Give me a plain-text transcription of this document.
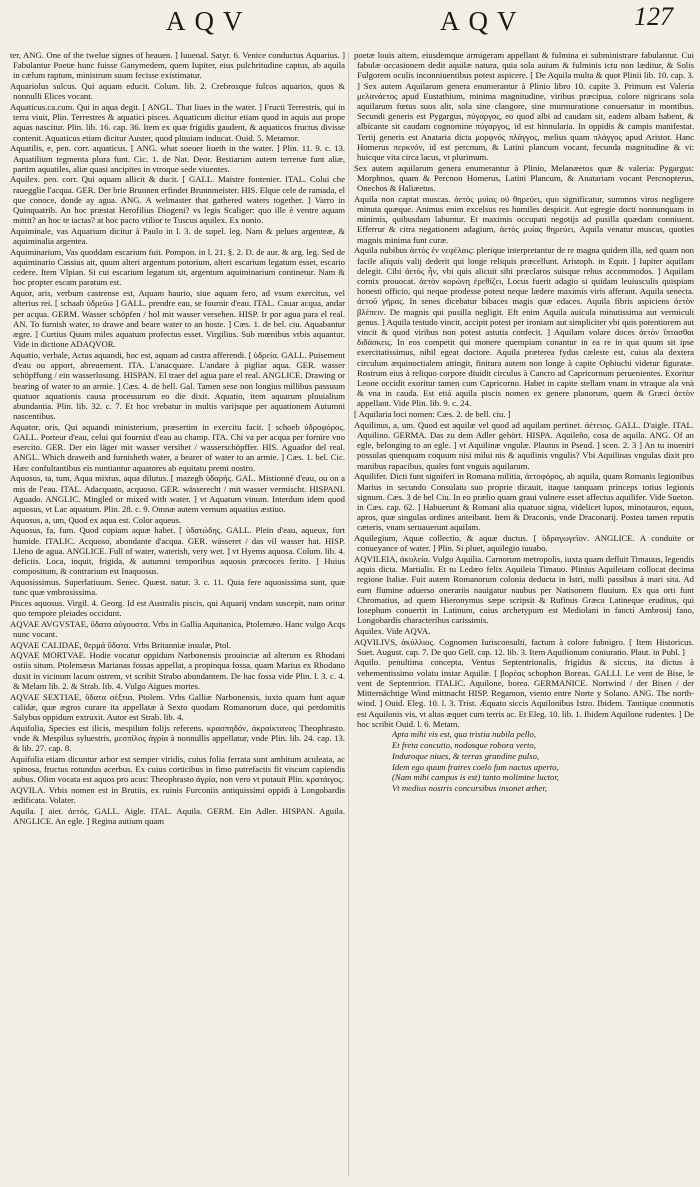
AQV	AQV	127

ter, ANG. One of the twelue signes of heauen. ] Iuuenal. Satyr. 6. Venice conductus Aquarius. ] Fabulantur Poetæ hunc fuisse Ganymedem, quem Iupiter, eius pulchritudine captus, ab aquila in cælum raptum, ministrum suum fecisse existimatur.

Aquariolus sulcus. Qui aquam educit. Colum. lib. 2. Crebrosque fulcos aquarios, quos & nonnulli Elices vocant.

Aquaticus.ca.cum. Qui in aqua degit. [ ANGL. That liues in the water. ] Fructi Terrestris, qui in terra viuit, Plin. Terrestres & aquatici pisces. Aquaticum dicitur etiam quod in aquis aut prope aquas nascitur. Plin. lib. 16. cap. 36. Item ex quæ frigidis gaudent, & aquaticos fructus divisse contenit. Aquaticus etiam dicitur Auster, quod pluuiam inducat. Ouid. 5. Metamor.

Aquatilis, e, pen. corr. aquaticus. [ ANG. what soeuer liueth in the water. ] Plin. 11. 9. c. 13. Aquatilium tegmenta plura funt. Cic. 1. de Nat. Deor. Bestiarum autem terrenæ funt aliæ, partim aquatiles, aliæ quasi ancipites in vtroque sede viuentes.

Aquilex. pen. corr. Qui aquam allicit & ducit. [ GALL. Maistre fontenier. ITAL. Colui che rauegglie l'acqua. GER. Der brie Brunnen erfindet Brunnmeister. HIS. Elque cele de ramada, el que conoce, donde ay agua. ANG. A welmaster that gathered waters together. ] Varro in Quinquatrib. An hoc præstat Herofilius Diogeni? vs legis Scaliger: quo ille è ventre aquam mittit? an hoc te iactas? at hoc pacto vtilior te Tuscus aquilex. Ex nonio.

Aquiminale, vas Aquarium dicitur à Paulo in l. 3. de supel. leg. Nam & pelues argenteæ, & aquiminalia argentea.

Aquiminarium, Vas quoddam escarium fuit. Pompon. in l. 21. §. 2. D. de aur. & arg. leg. Sed de aquiminario Cassius ait, quum alteri argentum potorium, alteri escarium legatum esset, escario cedere. Item Vlpian. Si cui escarium legatum sit, argentum aquiminarium continetur. Nam & hoc propter escam paratum est.

Aquor, aris, verbum castrense est, Aquam haurio, siue aquam fero, ad vsum exercitus, vel alterius rei. [ schaab ὑδρεύω ] GALL. prendre eau, se fournir d'eau. ITAL. Cauar acqua, andar per acqua. GERM. Wasser schöpfen / hol mit wasser versehen. HISP. Ir por agua para el real. AN. To furnish water, to drawe and beare water to an hoste. ] Cæs. 1. de bel. ciu. Aquabantur ægre. ] Curtius Quum miles aquatum profectus esset. Virgilius. Sub mœnibus vrbis aquantur. Vide in dictione ADAQVOR.

Aquatio, verbale, Actus aquandi, hoc est, aquam ad castra afferendi. [ ὑδρεία. GALL. Puisement d'eau ou apport, abreuement. ITA. L'anacquare. L'andare à pigliar aqua. GER. wasser schöpffung / ein wasserlosung. HISPAN. El traer del agua pare el real. ANGLICE. Drawing or bearing of water to an armie. ] Cæs. 4. de bell. Gal. Tamen sese non longius millibus passuum quatuor aquationis causa processurum eo die dixit. Aquatio, item aquarum pluuialium abundantia. Plin. lib. 32. c. 7. Et hoc vrebatur in multis varijsque per aquationem Autumni nascentibus.

Aquator, oris, Qui aquandi ministerium, præsertim in exercitu facit. [ schoeb ὑδροφόρος. GALL. Porteur d'eau, celui qui fournist d'eau au champ. ITA. Chi va per acqua per fornire vno esercito. GER. Der ein läger mit wasser versihet / wasserschöpffer. HIS. Aguador del real. ANGL. Which draweth and furnisheth water, a bearer of water to an armie. ] Cæs. 1. bel. Cic. Hæc confultantibus eis nuntiantur aquatores ab equitatu premi nostro.

Aquosus, ta, tum, Aqua mixtus, aqua dilutus. [ mazegh ὑδαρής. GAL. Mistionné d'eau, ou on a mis de l'eau. ITAL. Adacquato, acquoso. GER. wässerecht / mit wasser vermischt. HISPANI. Aguado. ANGLIC. Mingled or mixed with water. ] vt Aquatum vinum. Interdum idem quod aquosus, vt Lac aquatum. Plin. 28. c. 9. Omnæ autem vernum aquatius æstiuo.

Aquosus, a, um, Quod ex aqua est. Color aqueus.

Aquosus, fa, fum. Quod copiam aquæ habet. [ ὑδατώδης. GALL. Plein d'eau, aqueux, fort humide. ITALIC. Acquoso, abondante d'acqua. GER. wässeret / das vil wasser hat. HISP. Lleno de agua. ANGLICE. Full of water, waterish, very wet. ] vt Hyems aquosa. Colum. lib. 4. deficiis. Loca, inquit, frigida, & autumni temporibus aquosis præcoces ferito. ] Huius compositum, & contrarium est Inaquosus.

Aquosissimus. Superlatiuum. Senec. Quæst. natur. 3. c. 11. Quia fere aquosissima sunt, quæ tunc quæ vmbrosissima.

Pisces aquosus. Virgil. 4. Georg. Id est Australis piscis, qui Aquarij vndam suscepit, nam oritur quo tempore pleiades occidunt.

AQVAE AVGVSTAE, ὕδατα αὐγουστα. Vrbs in Gallia Aquitanica, Ptolemæo. Hanc vulgo Acqs nunc vocant.

AQVAE CALIDAE, θερμά ὕδατα. Vrbs Britanniæ insulæ, Ptol.

AQVAE MORTVAE. Hodie vocatur oppidum Narbonensis prouinciæ ad alterum ex Rhodani ostiis situm. Ptolemæus Marianas fossas appellat, a propinqua fossa, quam Marius ex Rhodano duxit in vicinum lacum ostrem, vt scribit Strabo abundantem. De hac fossa vide Plin. l. 3. c. 4. & Melam lib. 2. & Strab. lib. 4. Vulgo Aigues mortes.

AQVAE SEXTIAE, ὕδατα σέξτια. Ptolem. Vrbs Galliæ Narbonensis, iuxta quam funt aquæ calidæ, quæ ægros curare ita appellatæ à Sexto quodam Romanorum duce, qui perdomitis Salybus oppidum extruxit. Autor est Strab. lib. 4.

Aquifolia, Species est ilicis, mespilum folijs referens. κρασπηδόν, ἀκραίκτανος Theophrasto. vnde & Mespilus syluestris, μεσπίλος ἀγρία à nonnullis appellatur, vnde Plin. lib. 24. cap. 13. & lib. 27. cap. 8.

Aquifolia etiam dicuntur arbor est semper viridis, cuius folia ferrata sunt ambitum aculeata, ac spinosa, fructus rotundus acerbus. Ex cuius corticibus in fimo putrefactis fit viscum capiendis aubus. Olim vocata est aquos pro acus: Theophrasto ἀγρία, non vero vt putauit Plin. κρατάιγος.

AQVILA. Vrbis nomen est in Brutiis, ex ruinis Furconiis antiquissimi oppidi à Longobardis ædificata. Volater.

Aquila. [ aiet. ἀετός. GALL. Aigle. ITAL. Aquila. GERM. Ein Adler. HISPAN. Aguila. ANGLICE. An egle. ] Regina autium quam

poetæ louis aitem, eiusdemque armigeram appellant & fulmina ei subministrare fabulantur. Cui fabulæ occasionem dedit aquilæ natura, quia sola auium & fulminis ictu non læditur, & Solis Fulgorem oculis inconniuentibus potest aspicere. [ De Aquila multa & quot Plinii lib. 10. cap. 3. ] Sex autem Aquilarum genera enumerantur à Plinio libro 10. capite 3. Primum est Valeria μελανάετος apud Eustathium, minima magnitudine, viribus præcipua, colore nigricans sola aquilarum fœtus suos alit, sola sine clangore, sine murmuratione conuersatur in montibus. Secundi generis est Pygargus, πύγαργος, eo quod albi ad caudam sit, eadem albam habent, & albicante sit caudam cognomine πύγαργος, id est hinnularia. In oppidis & campis manifestat. Tertij generis est Anataria dicta μορφνός πλάγγος, melius quam πλάγγος apud Aristot. Hanc Homerus περκνόν, id est percnum, & Latini plancum vocant, fecunda magnitudine & vi: huicque vita circa lacus, vt plurimum.

Sex autem aquilarum genera enumerantur à Plinio, Melanæetos quæ & valeria: Pygargus: Morphnos, quam & Percnon Homerus, Latini Plancum, & Anatariam vocant Percnopterus, Onechos & Haliæetus.

Aquila non captat muscas. ἀετὸς μυίας οὐ θηρεύει, quo significatur, summos viros negligere minuta quæque. Animus enim excelsus res humiles despicit. Aut egregie docti nonnunquam in minimis, quibusdam labuntur. Et maximis occupati negotijs ad pusilla quædam conniuent. Efferrur & citra negationem adagium, ἀετὸς μυίας θηρεύει, Aquila venatur muscas, quoties magnis minima funt curæ.

Aquila nubibus ἀετὸς ἐν νεφέλαις: plerique interpretantur de re magna quidem illa, sed quam non facile aliquis valij dederit qui longe reliquis præcellunt. Aristoph. in Equit. ] Iupiter aquilam delegit. Cibi ἀετὸς ἦν, vbi quis alicuit sibi præclaros suisque rebus accommodos. ] Aquilam cornix prouocat. ἀετὸν κορώνη ἐρεθίζει, Locus fuerit adagio si quidam leuiusculis quispiam honesti officio, qui neque prodesse potest neque lædere maximis viris afferant. Aquila senecta. ἀετοῦ γῆρας. In senes dicebatur bibaces magis quæ edaces. Aquila fibris aspiciens ἀετὸν βλέπειν. De magnis qui pusilla negligit. Eft enim Aquila auicula minutissima aut vermiculi genus. ] Aquila testudo vincit, accipit potest per ironiam aut simpliciter vbi quis potentiorem aut vincit & quod viribus non potest astutia confecit. ] Aquilam volare doces ἀετὸν ἵπτασθαι διδάσκεις. In eos competit qui monere quempiam conantur in ea re in qua quum sit ipse exercitatissimus, nihil egeat doctore. Aquila præterea fydus cæleste est, cuius ala dextera circulum æquinoctialem attingit, finitura autem non longe à capite Ophiuchi videtur figuratæ. Rostrum eius à reliquo corpore diuidit circulus à Cancro ad Capricornum peruenientes. Exoritur Leone occidit exoritur tamen cum Capricorno. Habet in capite stellam vnam in vtraque ala vnà & vna in cauda. Est etiá aquila piscis nomen ex genere planorum, quem & Græci ἀετὸν appellant. Vide Plin. lib. 9. c. 24.

[ Aquilaria loci nomen: Cæs. 2. de bell. ciu. ]

Aquilinus, a, um. Quod est aquilæ vel quod ad aquilam pertinet. ἀέτειος. GALL. D'aigle. ITAL. Aquilino. GERMA. Das zu dem Adler gehört. HISPA. Aquileño, cosa de aquila. ANG. Of an egle, belonging to an egle. ] vt Aquilinæ vngulæ. Plautus in Pseud. ] scen. 2. 3 ] An tu inueniri possulas quenquam coquum nisi milui nis & aquilinis vngulis? Vbi Aquilinas vngulas dixit pro manibus rapacibus, quales funt vnguis aquilarum.

Aquilifer. Dicti funt signiferi in Romana militia, ἀετοφόρος, ab aquila, quam Romanis legionibus Marius in secundo Consulatu suo proprie dicauit, itaque tanquam princeps totius legionis signum. Cæs. 3 de bel Ciu. In eo prælio quam graui vulnere esset affectus aquilifer. Vide Sueton. in Cæs. cap. 62. ] Habuerunt & Romani alia quatuor signa, videlicet lupos, minotauros, equos, apros, quæ singulas ordines anteibant. Item & Draconis, vnde Draconarij. Postea tamen reputis cæteris, vnam seruauerunt aquilam.

Aquilegium, Aquæ collectio, & aquæ ductus. [ ὑδραγωγεῖον. ANGLICE. A conduite or conueyance of water. ] Plin. Si pluet, aquilegio iuuabo.

AQVILEIA, ἀκυλεία. Vulgo Aquilia. Carnorum metropolis, iuxta quam defluit Timauus, legendis aquis dicta. Martialis. Et tu Ledæo felix Aquileia Timauo. Plinius Aquileiam collocat decima regione Italiæ. Fuit autem Romanorum colonia deducta in Istri, nulli passibus à mari sita. Ad eam flumine aduerso onerariis nauigatur naubus per Natisonem fluuium. Ex qua orti funt Chromatius, ad quem Hieronymus sæpe scripsit & Rufinus Græca Latineque eruditus, qui Iosephum conuertit in Latinum, cuius archetypum est Mediolani in fanctí Ambrosij fano, Longobardis characteribus carissimis.

Aquilex. Vide AQVA.

AQVILIVS, ἀκύλλιος. Cognomen Iurisconsulti, factum à colore fubnigro. [ Item Historicus. Suet. August. cap. 7. De quo Gell. cap. 12. lib. 3. Item Aquilionum coniuratio. Plaut. in Publ. ]

Aquilo. penultima concepta, Ventus Septentrionalis, frigidus & siccus, ita dictus à vehementissimo volatu instar Aquilæ. [ βορέας schophon Boreas. GALLI. Le vent de Bise, le vent de Septentrion. ITALIC. Aquilone, borea. GERMANICE. Nortwind / der Bisen / der Mitternächtige Wind mittnacht HISP. Regamon, viento entre Norte y Solano. ANG. The north-wind. ] Ouid. Eleg. 10. l. 3. Trist. Æquato siccis Aquilonibus Istro. Ibidem. Tantique commotis est Aquilonis vis, vt altas æquet cum terris ac. Et Eleg. 10. lib. 1. Ibidem Aquilone rudentes. ] De hoc scribit Ouid. l. 6. Metam.

Apta mihi vis est, qua tristia nubila pello,

Et freta concutio, nodosque robora verto,

Induroque niues, & terras grandine pulso,

Idem ego quum fratres coelo fum nactus aperto,

(Nam mihi campus is est) tanto molimine luctor,

Vt medius nostris concursibus insonet æther,
